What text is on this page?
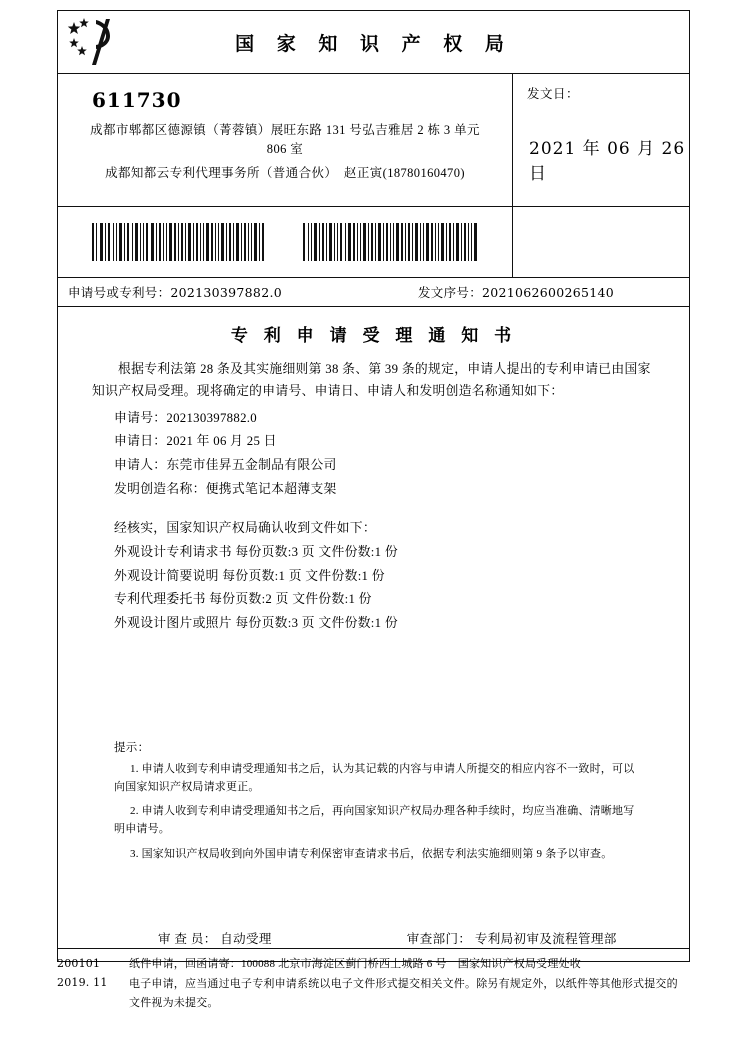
国 家 知 识 产 权 局
611730
成都市郫都区德源镇（菁蓉镇）展旺东路 131 号弘吉雅居 2 栋 3 单元
806 室
成都知都云专利代理事务所（普通合伙）　赵正寅(18780160470)
发文日：
2021 年 06 月 26 日
申请号或专利号：202130397882.0	发文序号：2021062600265140
专 利 申 请 受 理 通 知 书
根据专利法第 28 条及其实施细则第 38 条、第 39 条的规定，申请人提出的专利申请已由国家知识产权局受理。现将确定的申请号、申请日、申请人和发明创造名称通知如下：
申请号：202130397882.0
申请日：2021 年 06 月 25 日
申请人：东莞市佳昇五金制品有限公司
发明创造名称：便携式笔记本超薄支架
经核实，国家知识产权局确认收到文件如下：
外观设计专利请求书 每份页数:3 页 文件份数:1 份
外观设计简要说明 每份页数:1 页 文件份数:1 份
专利代理委托书 每份页数:2 页 文件份数:1 份
外观设计图片或照片 每份页数:3 页 文件份数:1 份
提示：
1. 申请人收到专利申请受理通知书之后，认为其记载的内容与申请人所提交的相应内容不一致时，可以向国家知识产权局请求更正。
2. 申请人收到专利申请受理通知书之后，再向国家知识产权局办理各种手续时，均应当准确、清晰地写明申请号。
3. 国家知识产权局收到向外国申请专利保密审查请求书后，依据专利法实施细则第 9 条予以审查。
审 查 员： 自动受理	审查部门： 专利局初审及流程管理部
200101
2019. 11
纸件申请，回函请寄：100088 北京市海淀区蓟门桥西土城路 6 号　国家知识产权局受理处收
电子申请，应当通过电子专利申请系统以电子文件形式提交相关文件。除另有规定外，以纸件等其他形式提交的
文件视为未提交。
